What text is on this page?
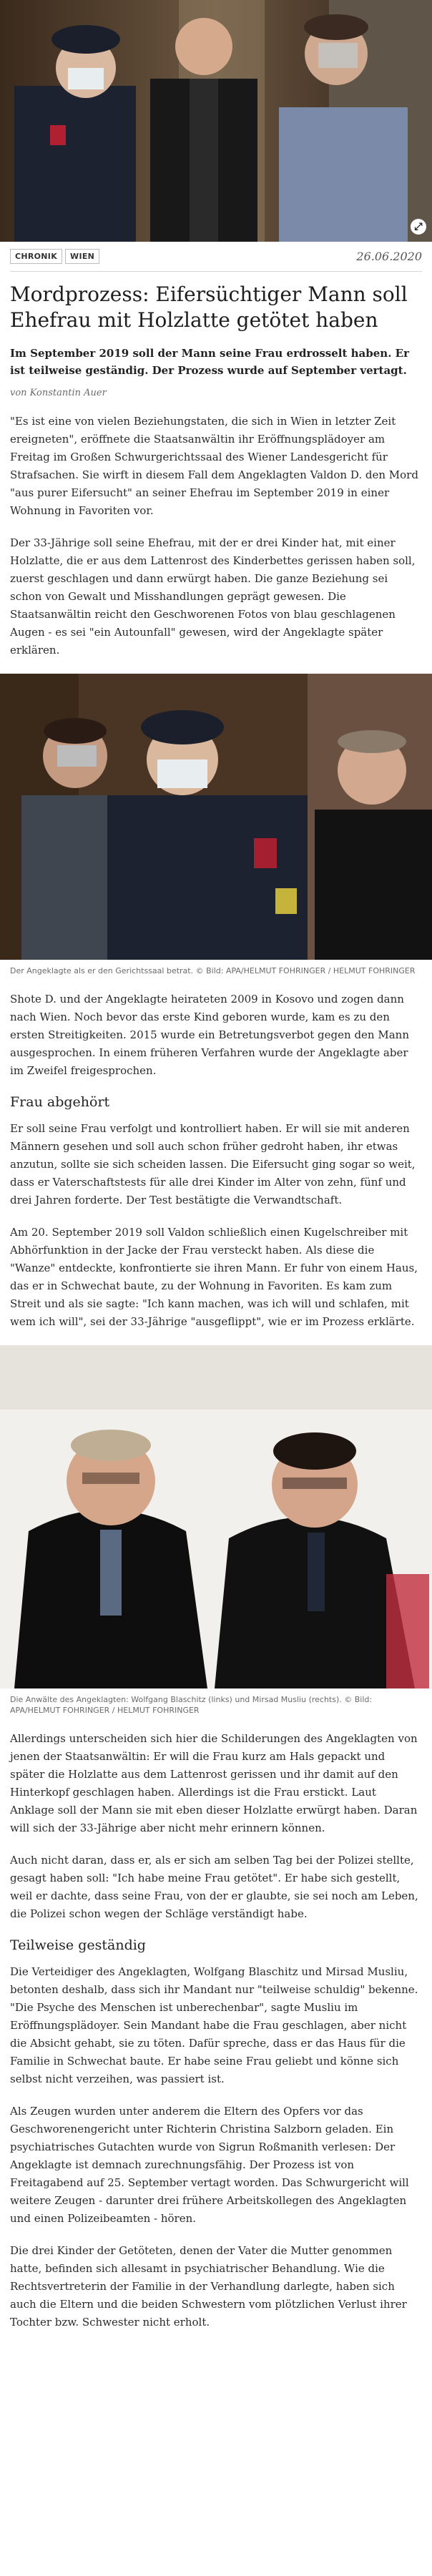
⤢
CHRONIK	WIEN	26.06.2020
Mordprozess: Eifersüchtiger Mann soll Ehefrau mit Holzlatte getötet haben
Im September 2019 soll der Mann seine Frau erdrosselt haben. Er ist teilweise geständig. Der Prozess wurde auf September vertagt.
von Konstantin Auer
"Es ist eine von vielen Beziehungstaten, die sich in Wien in letzter Zeit ereigneten", eröffnete die Staatsanwältin ihr Eröffnungsplädoyer am Freitag im Großen Schwurgerichtssaal des Wiener Landesgericht für Strafsachen. Sie wirft in diesem Fall dem Angeklagten Valdon D. den Mord "aus purer Eifersucht" an seiner Ehefrau im September 2019 in einer Wohnung in Favoriten vor.
Der 33-Jährige soll seine Ehefrau, mit der er drei Kinder hat, mit einer Holzlatte, die er aus dem Lattenrost des Kinderbettes gerissen haben soll, zuerst geschlagen und dann erwürgt haben. Die ganze Beziehung sei schon von Gewalt und Misshandlungen geprägt gewesen. Die Staatsanwältin reicht den Geschworenen Fotos von blau geschlagenen Augen - es sei "ein Autounfall" gewesen, wird der Angeklagte später erklären.
Der Angeklagte als er den Gerichtssaal betrat. © Bild: APA/HELMUT FOHRINGER / HELMUT FOHRINGER
Shote D. und der Angeklagte heirateten 2009 in Kosovo und zogen dann nach Wien. Noch bevor das erste Kind geboren wurde, kam es zu den ersten Streitigkeiten. 2015 wurde ein Betretungsverbot gegen den Mann ausgesprochen. In einem früheren Verfahren wurde der Angeklagte aber im Zweifel freigesprochen.
Frau abgehört
Er soll seine Frau verfolgt und kontrolliert haben. Er will sie mit anderen Männern gesehen und soll auch schon früher gedroht haben, ihr etwas anzutun, sollte sie sich scheiden lassen. Die Eifersucht ging sogar so weit, dass er Vaterschaftstests für alle drei Kinder im Alter von zehn, fünf und drei Jahren forderte. Der Test bestätigte die Verwandtschaft.
Am 20. September 2019 soll Valdon schließlich einen Kugelschreiber mit Abhörfunktion in der Jacke der Frau versteckt haben. Als diese die "Wanze" entdeckte, konfrontierte sie ihren Mann. Er fuhr von einem Haus, das er in Schwechat baute, zu der Wohnung in Favoriten. Es kam zum Streit und als sie sagte: "Ich kann machen, was ich will und schlafen, mit wem ich will", sei der 33-Jährige "ausgeflippt", wie er im Prozess erklärte.
Die Anwälte des Angeklagten: Wolfgang Blaschitz (links) und Mirsad Musliu (rechts). © Bild: APA/HELMUT FOHRINGER / HELMUT FOHRINGER
Allerdings unterscheiden sich hier die Schilderungen des Angeklagten von jenen der Staatsanwältin: Er will die Frau kurz am Hals gepackt und später die Holzlatte aus dem Lattenrost gerissen und ihr damit auf den Hinterkopf geschlagen haben. Allerdings ist die Frau erstickt. Laut Anklage soll der Mann sie mit eben dieser Holzlatte erwürgt haben. Daran will sich der 33-Jährige aber nicht mehr erinnern können.
Auch nicht daran, dass er, als er sich am selben Tag bei der Polizei stellte, gesagt haben soll: "Ich habe meine Frau getötet". Er habe sich gestellt, weil er dachte, dass seine Frau, von der er glaubte, sie sei noch am Leben, die Polizei schon wegen der Schläge verständigt habe.
Teilweise geständig
Die Verteidiger des Angeklagten, Wolfgang Blaschitz und Mirsad Musliu, betonten deshalb, dass sich ihr Mandant nur "teilweise schuldig" bekenne. "Die Psyche des Menschen ist unberechenbar", sagte Musliu im Eröffnungsplädoyer. Sein Mandant habe die Frau geschlagen, aber nicht die Absicht gehabt, sie zu töten. Dafür spreche, dass er das Haus für die Familie in Schwechat baute. Er habe seine Frau geliebt und könne sich selbst nicht verzeihen, was passiert ist.
Als Zeugen wurden unter anderem die Eltern des Opfers vor das Geschworenengericht unter Richterin Christina Salzborn geladen. Ein psychiatrisches Gutachten wurde von Sigrun Roßmanith verlesen: Der Angeklagte ist demnach zurechnungsfähig. Der Prozess ist von Freitagabend auf 25. September vertagt worden. Das Schwurgericht will weitere Zeugen - darunter drei frühere Arbeitskollegen des Angeklagten und einen Polizeibeamten - hören.
Die drei Kinder der Getöteten, denen der Vater die Mutter genommen hatte, befinden sich allesamt in psychiatrischer Behandlung. Wie die Rechtsvertreterin der Familie in der Verhandlung darlegte, haben sich auch die Eltern und die beiden Schwestern vom plötzlichen Verlust ihrer Tochter bzw. Schwester nicht erholt.
